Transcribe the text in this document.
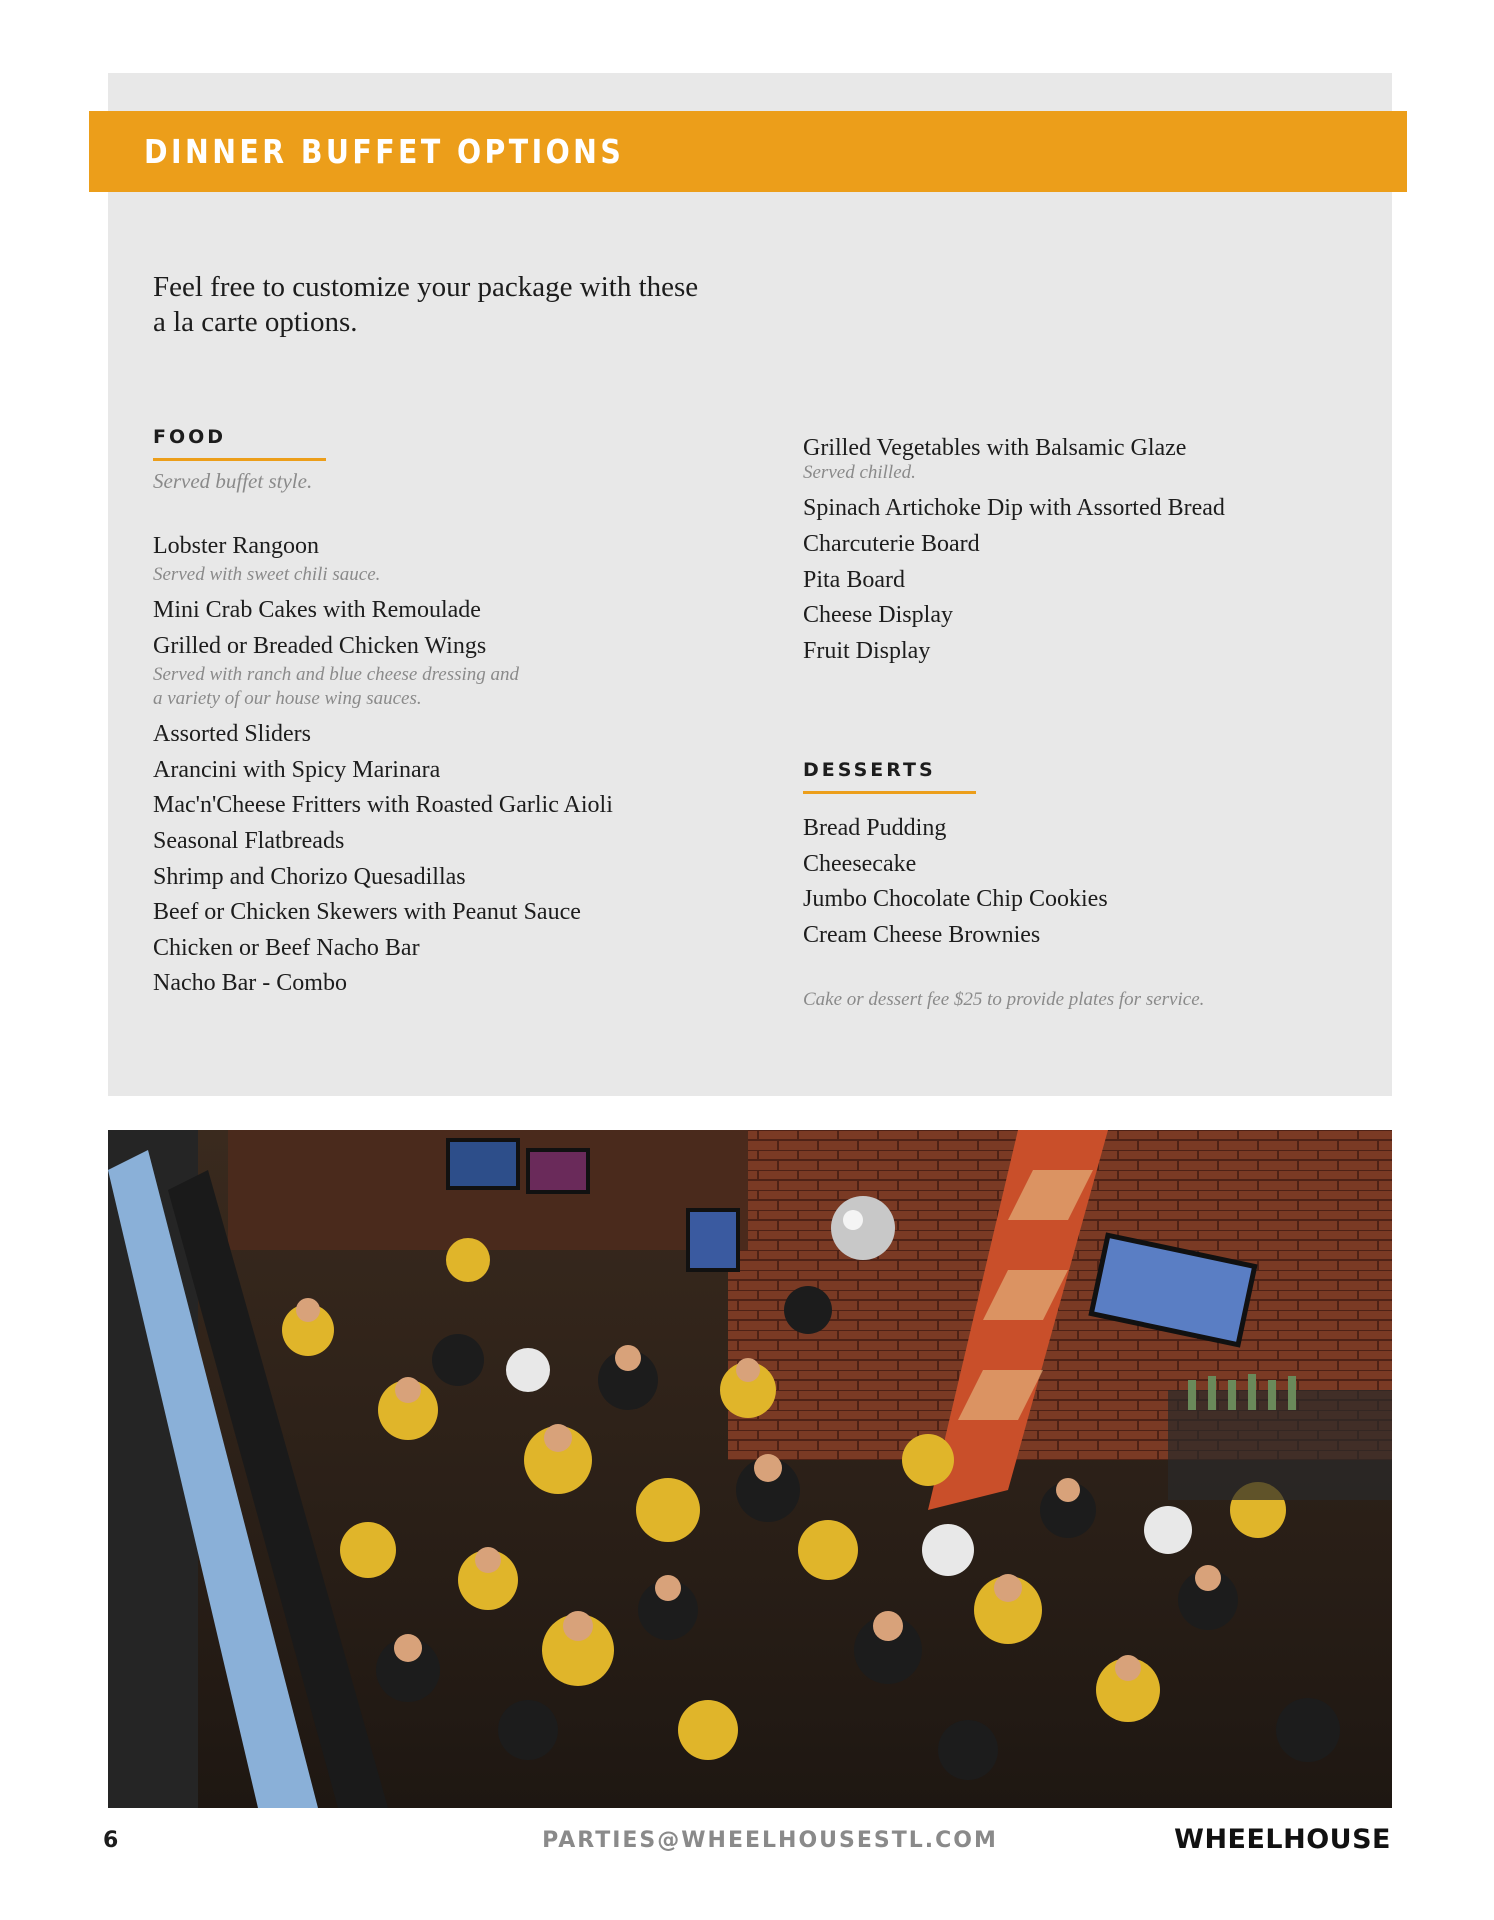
DINNER BUFFET OPTIONS
Feel free to customize your package with these a la carte options.
FOOD
Served buffet style.
Lobster Rangoon
Served with sweet chili sauce.
Mini Crab Cakes with Remoulade
Grilled or Breaded Chicken Wings
Served with ranch and blue cheese dressing and
a variety of our house wing sauces.
Assorted Sliders
Arancini with Spicy Marinara
Mac'n'Cheese Fritters with Roasted Garlic Aioli
Seasonal Flatbreads
Shrimp and Chorizo Quesadillas
Beef or Chicken Skewers with Peanut Sauce
Chicken or Beef Nacho Bar
Nacho Bar - Combo
Grilled Vegetables with Balsamic Glaze
Served chilled.
Spinach Artichoke Dip with Assorted Bread
Charcuterie Board
Pita Board
Cheese Display
Fruit Display
DESSERTS
Bread Pudding
Cheesecake
Jumbo Chocolate Chip Cookies
Cream Cheese Brownies
Cake or dessert fee $25 to provide plates for service.
6	PARTIES@WHEELHOUSESTL.COM	WHEELHOUSE
